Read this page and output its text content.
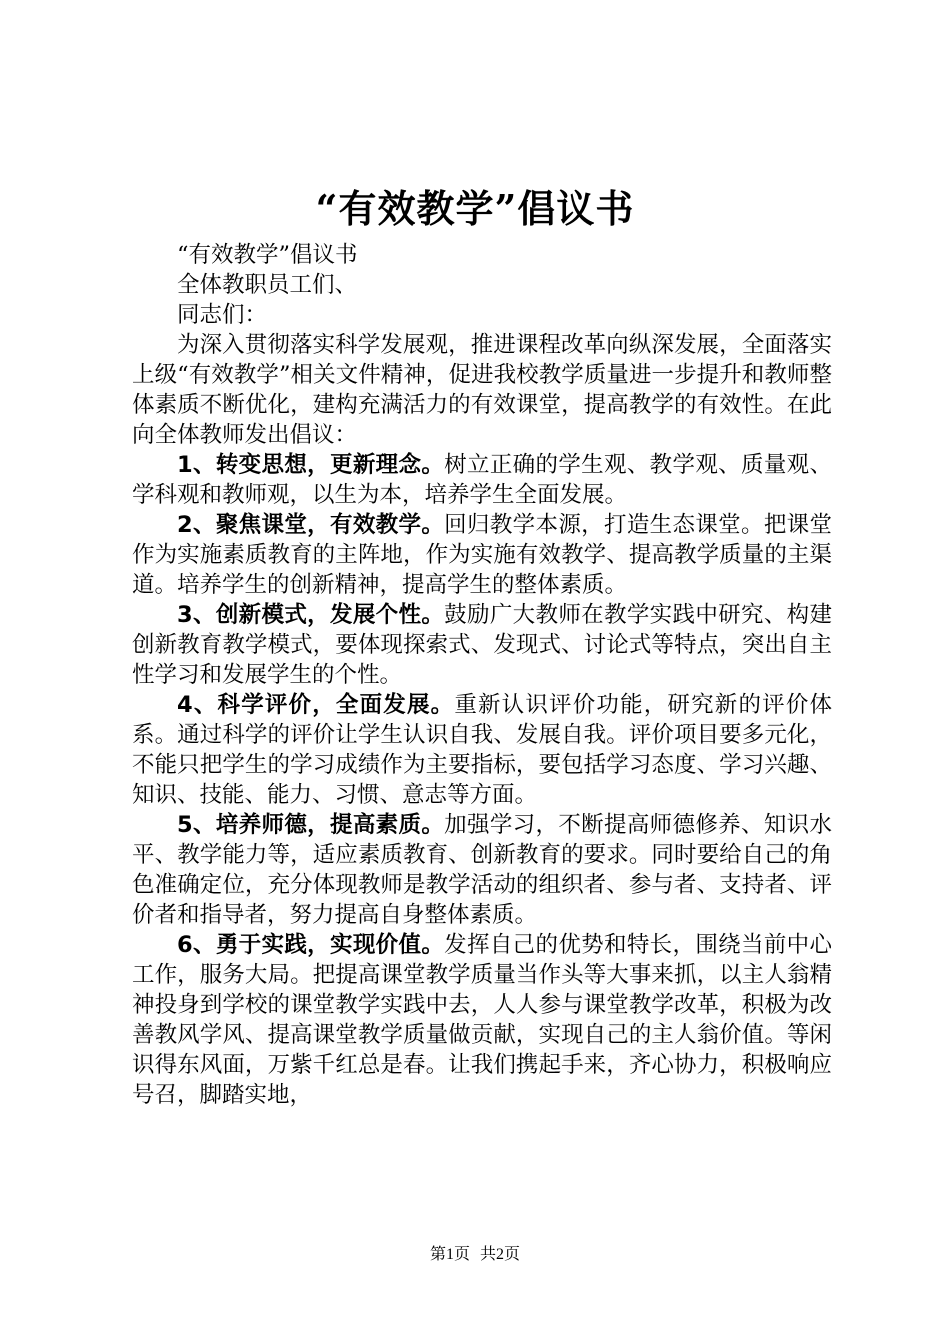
“有效教学”倡议书

“有效教学”倡议书

全体教职员工们、

同志们：

为深入贯彻落实科学发展观，推进课程改革向纵深发展，全面落实上级“有效教学”相关文件精神，促进我校教学质量进一步提升和教师整体素质不断优化，建构充满活力的有效课堂，提高教学的有效性。在此向全体教师发出倡议：

1、转变思想，更新理念。树立正确的学生观、教学观、质量观、学科观和教师观，以生为本，培养学生全面发展。

2、聚焦课堂，有效教学。回归教学本源，打造生态课堂。把课堂作为实施素质教育的主阵地，作为实施有效教学、提高教学质量的主渠道。培养学生的创新精神，提高学生的整体素质。

3、创新模式，发展个性。鼓励广大教师在教学实践中研究、构建创新教育教学模式，要体现探索式、发现式、讨论式等特点，突出自主性学习和发展学生的个性。

4、科学评价，全面发展。重新认识评价功能，研究新的评价体系。通过科学的评价让学生认识自我、发展自我。评价项目要多元化，不能只把学生的学习成绩作为主要指标，要包括学习态度、学习兴趣、知识、技能、能力、习惯、意志等方面。

5、培养师德，提高素质。加强学习，不断提高师德修养、知识水平、教学能力等，适应素质教育、创新教育的要求。同时要给自己的角色准确定位，充分体现教师是教学活动的组织者、参与者、支持者、评价者和指导者，努力提高自身整体素质。

6、勇于实践，实现价值。发挥自己的优势和特长，围绕当前中心工作，服务大局。把提高课堂教学质量当作头等大事来抓，以主人翁精神投身到学校的课堂教学实践中去，人人参与课堂教学改革，积极为改善教风学风、提高课堂教学质量做贡献，实现自己的主人翁价值。等闲识得东风面，万紫千红总是春。让我们携起手来，齐心协力，积极响应号召，脚踏实地，

第1页 共2页
